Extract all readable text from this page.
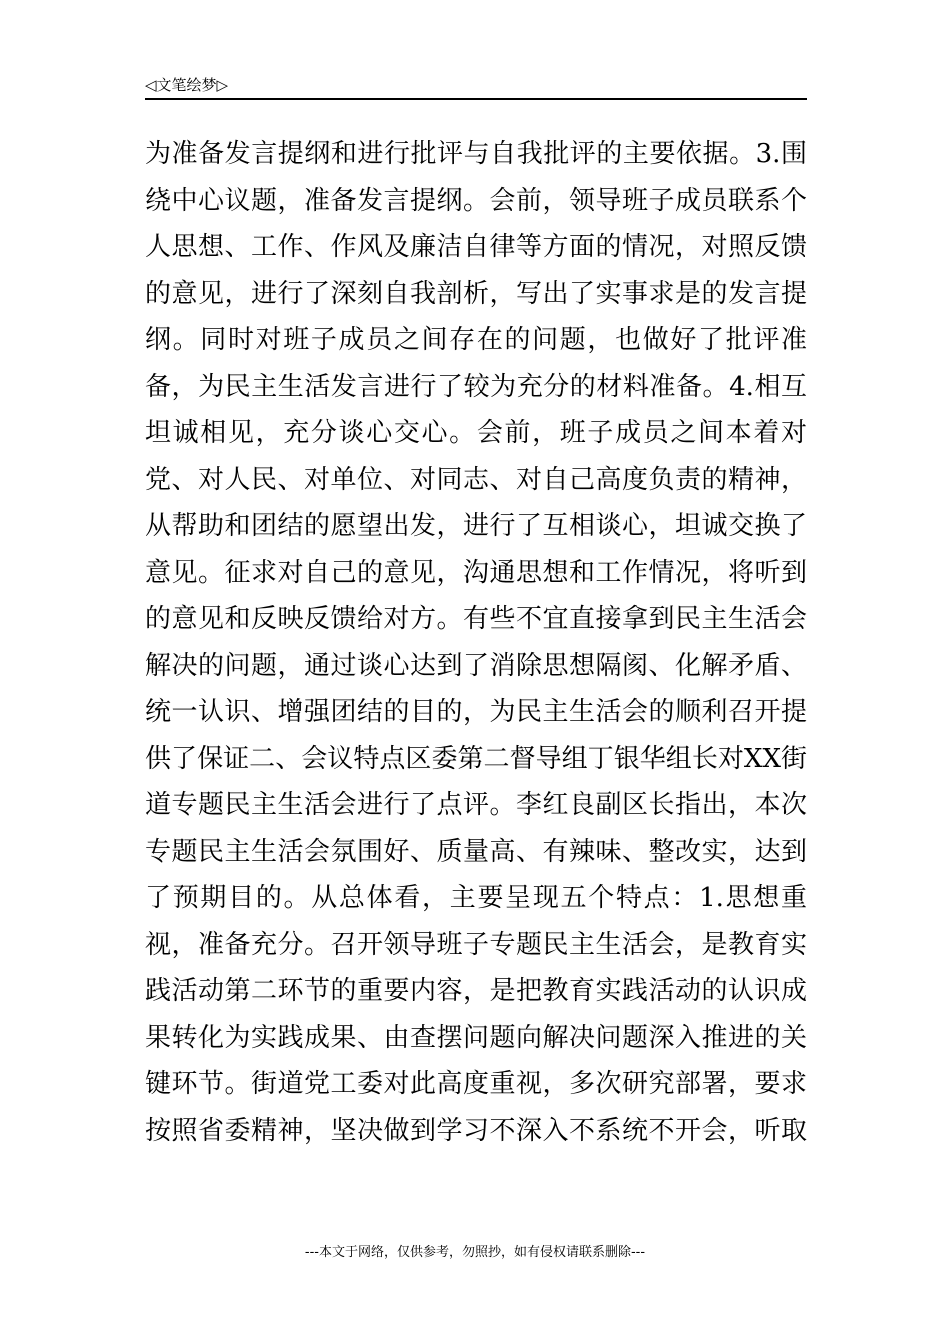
◁文笔绘梦▷
为准备发言提纲和进行批评与自我批评的主要依据。3.围
绕中心议题，准备发言提纲。会前，领导班子成员联系个
人思想、工作、作风及廉洁自律等方面的情况，对照反馈
的意见，进行了深刻自我剖析，写出了实事求是的发言提
纲。同时对班子成员之间存在的问题，也做好了批评准
备，为民主生活发言进行了较为充分的材料准备。4.相互
坦诚相见，充分谈心交心。会前，班子成员之间本着对
党、对人民、对单位、对同志、对自己高度负责的精神，
从帮助和团结的愿望出发，进行了互相谈心，坦诚交换了
意见。征求对自己的意见，沟通思想和工作情况，将听到
的意见和反映反馈给对方。有些不宜直接拿到民主生活会
解决的问题，通过谈心达到了消除思想隔阂、化解矛盾、
统一认识、增强团结的目的，为民主生活会的顺利召开提
供了保证二、会议特点区委第二督导组丁银华组长对XX街
道专题民主生活会进行了点评。李红良副区长指出，本次
专题民主生活会氛围好、质量高、有辣味、整改实，达到
了预期目的。从总体看，主要呈现五个特点：1.思想重
视，准备充分。召开领导班子专题民主生活会，是教育实
践活动第二环节的重要内容，是把教育实践活动的认识成
果转化为实践成果、由查摆问题向解决问题深入推进的关
键环节。街道党工委对此高度重视，多次研究部署，要求
按照省委精神，坚决做到学习不深入不系统不开会，听取
---本文于网络，仅供参考，勿照抄，如有侵权请联系删除---
